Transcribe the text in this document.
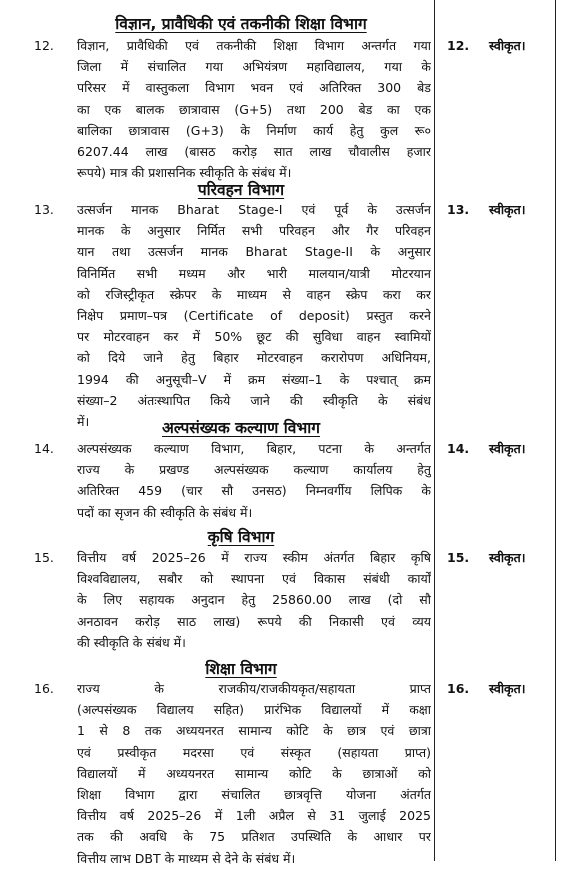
विज्ञान, प्रावैधिकी एवं तकनीकी शिक्षा विभाग
12. विज्ञान, प्रावैधिकी एवं तकनीकी शिक्षा विभाग अन्तर्गत गया
जिला में संचालित गया अभियंत्रण महाविद्यालय, गया के
परिसर में वास्तुकला विभाग भवन एवं अतिरिक्त 300 बेड
का एक बालक छात्रावास (G+5) तथा 200 बेड का एक
बालिका छात्रावास (G+3) के निर्माण कार्य हेतु कुल रू०
6207.44 लाख (बासठ करोड़ सात लाख चौवालीस हजार
रूपये) मात्र की प्रशासनिक स्वीकृति के संबंध में।
12. स्वीकृत।
परिवहन विभाग
13. उत्सर्जन मानक Bharat Stage-I एवं पूर्व के उत्सर्जन
मानक के अनुसार निर्मित सभी परिवहन और गैर परिवहन
यान तथा उत्सर्जन मानक Bharat Stage-II के अनुसार
विनिर्मित सभी मध्यम और भारी मालयान/यात्री मोटरयान
को रजिस्ट्रीकृत स्क्रेपर के माध्यम से वाहन स्क्रेप करा कर
निक्षेप प्रमाण–पत्र (Certificate of deposit) प्रस्तुत करने
पर मोटरवाहन कर में 50% छूट की सुविधा वाहन स्वामियों
को दिये जाने हेतु बिहार मोटरवाहन करारोपण अधिनियम,
1994 की अनुसूची–V में क्रम संख्या–1 के पश्चात् क्रम
संख्या–2 अंतःस्थापित किये जाने की स्वीकृति के संबंध
में।
13. स्वीकृत।
अल्पसंख्यक कल्याण विभाग
14. अल्पसंख्यक कल्याण विभाग, बिहार, पटना के अन्तर्गत
राज्य के प्रखण्ड अल्पसंख्यक कल्याण कार्यालय हेतु
अतिरिक्त 459 (चार सौ उनसठ) निम्नवर्गीय लिपिक के
पदों का सृजन की स्वीकृति के संबंध में।
14. स्वीकृत।
कृषि विभाग
15. वित्तीय वर्ष 2025–26 में राज्य स्कीम अंतर्गत बिहार कृषि
विश्वविद्यालय, सबौर को स्थापना एवं विकास संबंधी कार्यों
के लिए सहायक अनुदान हेतु 25860.00 लाख (दो सौ
अनठावन करोड़ साठ लाख) रूपये की निकासी एवं व्यय
की स्वीकृति के संबंध में।
15. स्वीकृत।
शिक्षा विभाग
16. राज्य के राजकीय/राजकीयकृत/सहायता प्राप्त
(अल्पसंख्यक विद्यालय सहित) प्रारंभिक विद्यालयों में कक्षा
1 से 8 तक अध्ययनरत सामान्य कोटि के छात्र एवं छात्रा
एवं प्रस्वीकृत मदरसा एवं संस्कृत (सहायता प्राप्त)
विद्यालयों में अध्ययनरत सामान्य कोटि के छात्राओं को
शिक्षा विभाग द्वारा संचालित छात्रवृत्ति योजना अंतर्गत
वित्तीय वर्ष 2025–26 में 1ली अप्रैल से 31 जुलाई 2025
तक की अवधि के 75 प्रतिशत उपस्थिति के आधार पर
वित्तीय लाभ DBT के माध्यम से देने के संबंध में।
16. स्वीकृत।
